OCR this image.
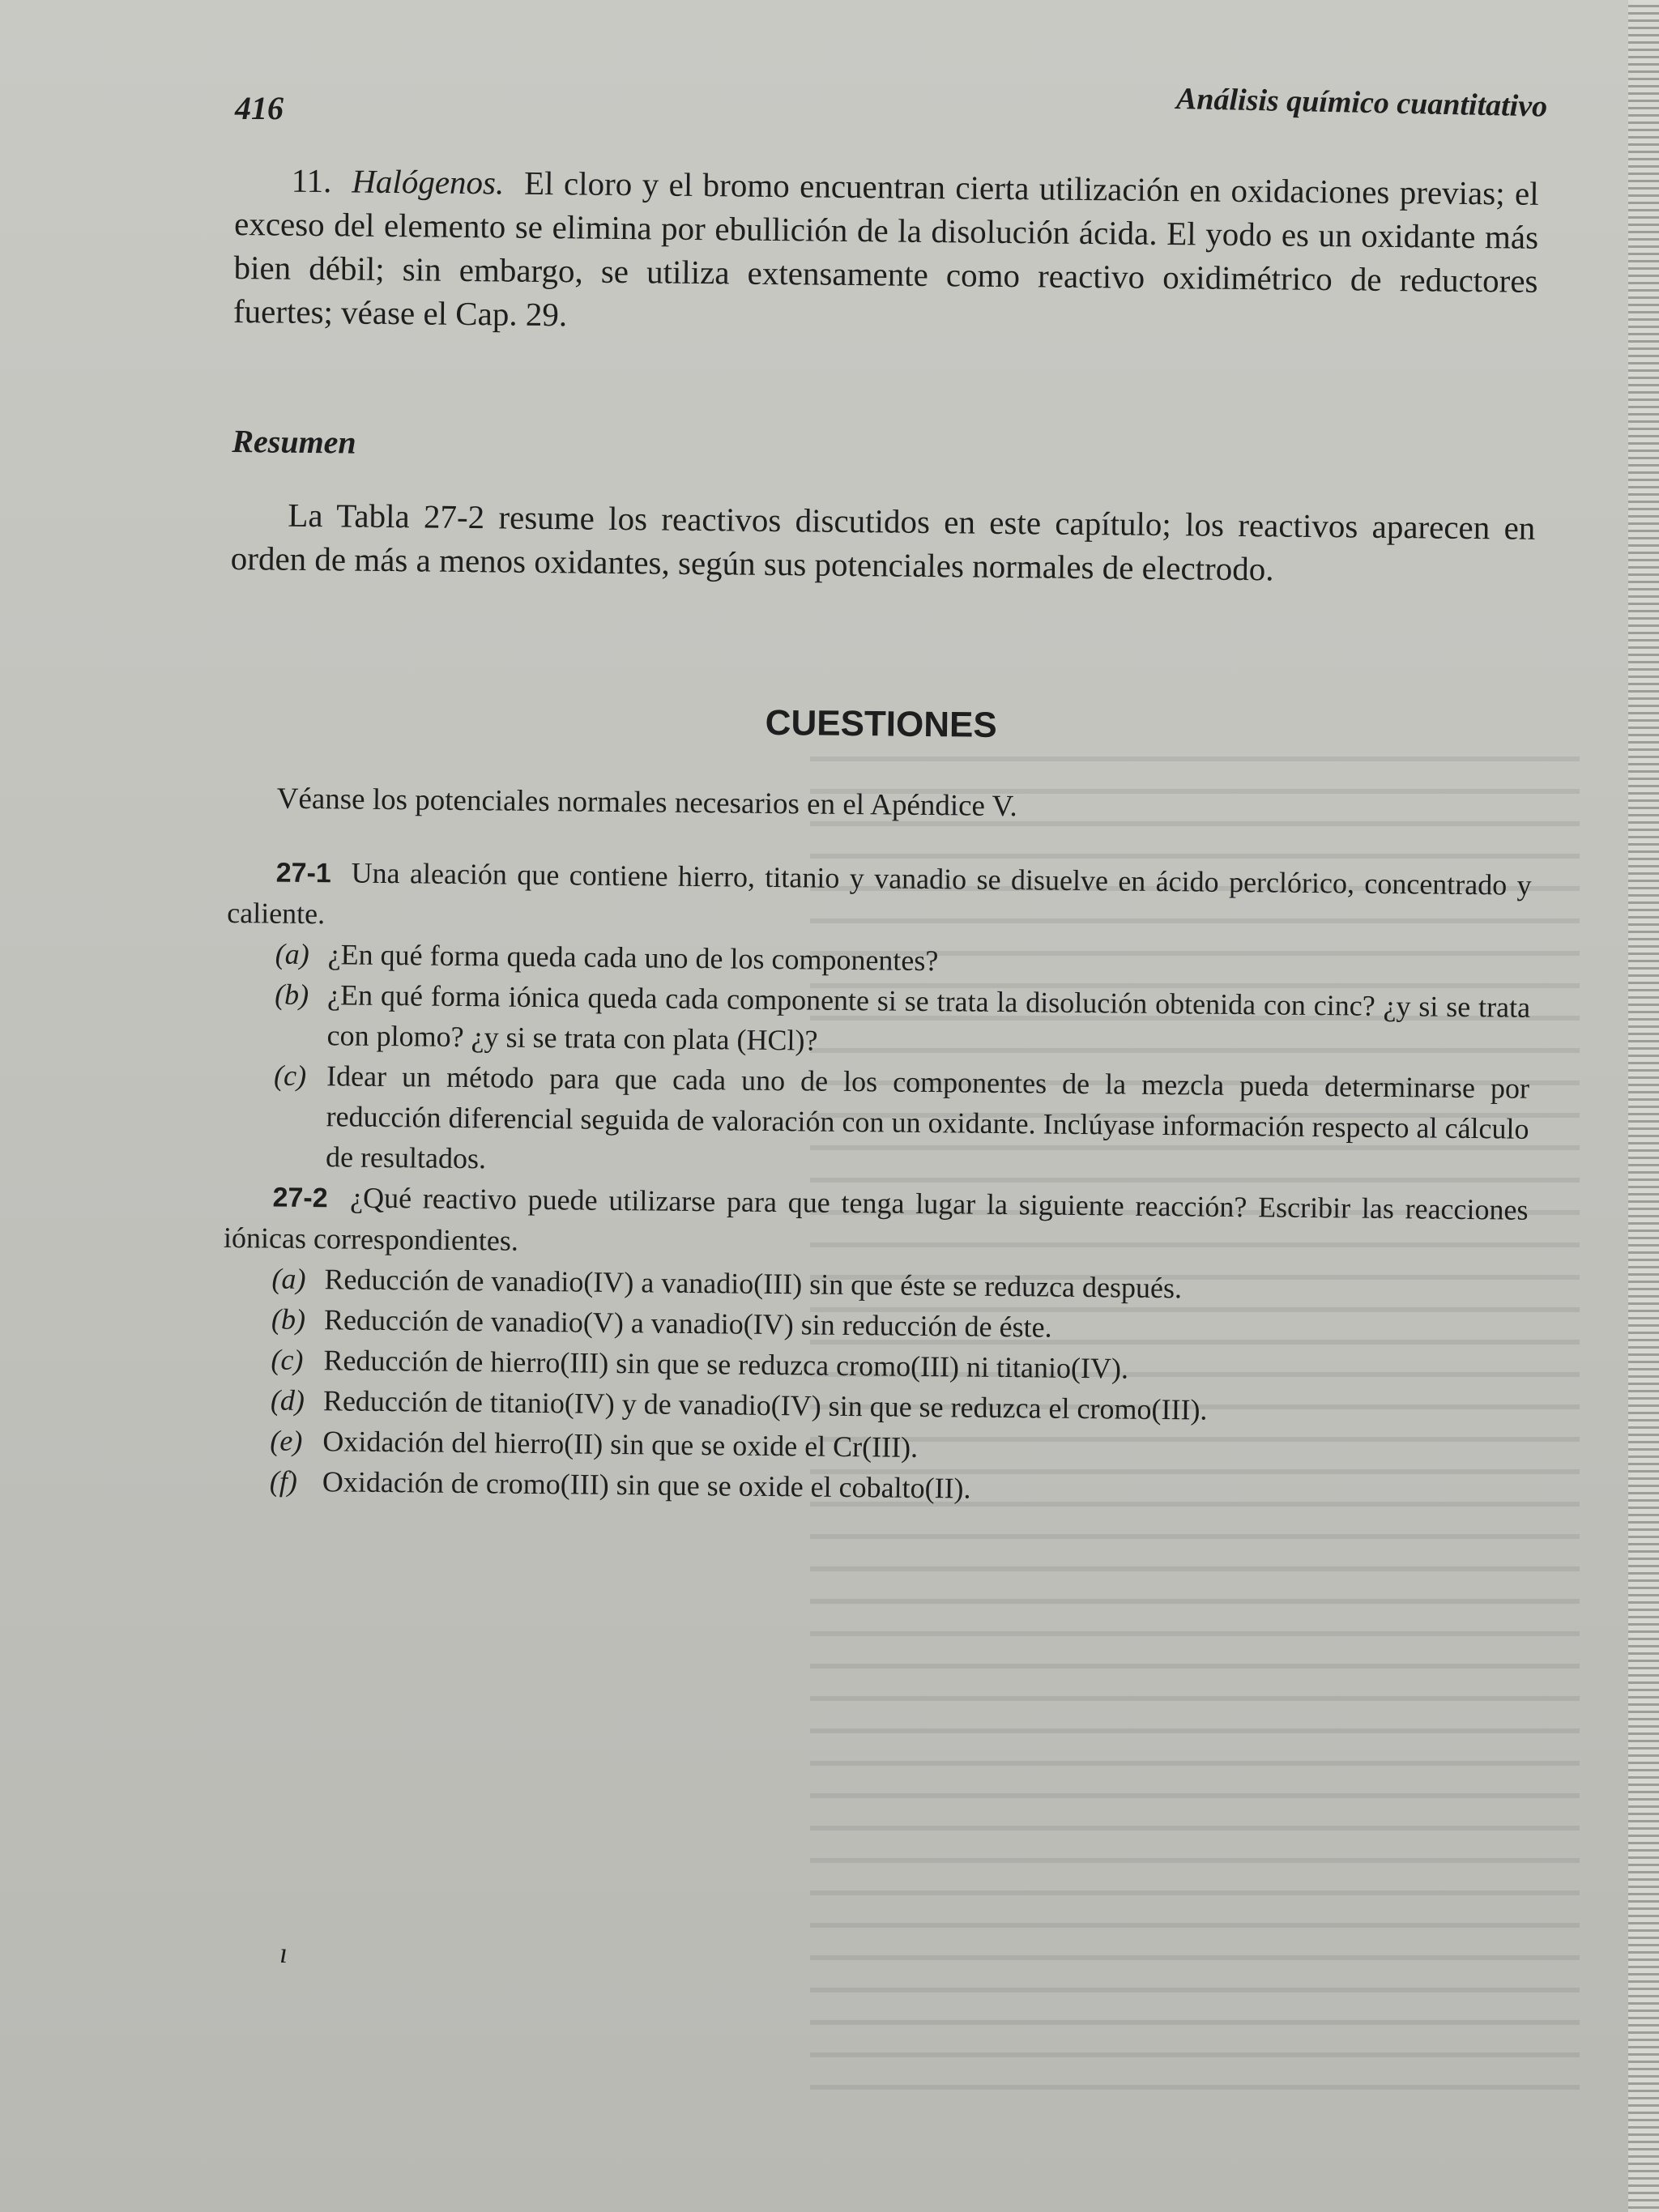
416	Análisis químico cuantitativo

11. Halógenos. El cloro y el bromo encuentran cierta utilización en oxidaciones previas; el exceso del elemento se elimina por ebullición de la disolución ácida. El yodo es un oxidante más bien débil; sin embargo, se utiliza extensamente como reactivo oxidimétrico de reductores fuertes; véase el Cap. 29.

Resumen

La Tabla 27-2 resume los reactivos discutidos en este capítulo; los reactivos aparecen en orden de más a menos oxidantes, según sus potenciales normales de electrodo.

CUESTIONES

Véanse los potenciales normales necesarios en el Apéndice V.

27-1 Una aleación que contiene hierro, titanio y vanadio se disuelve en ácido perclórico, concentrado y caliente.

(a) ¿En qué forma queda cada uno de los componentes?

(b) ¿En qué forma iónica queda cada componente si se trata la disolución obtenida con cinc? ¿y si se trata con plomo? ¿y si se trata con plata (HCl)?

(c) Idear un método para que cada uno de los componentes de la mezcla pueda determinarse por reducción diferencial seguida de valoración con un oxidante. Inclúyase información respecto al cálculo de resultados.

27-2 ¿Qué reactivo puede utilizarse para que tenga lugar la siguiente reacción? Escribir las reacciones iónicas correspondientes.

(a) Reducción de vanadio(IV) a vanadio(III) sin que éste se reduzca después.

(b) Reducción de vanadio(V) a vanadio(IV) sin reducción de éste.

(c) Reducción de hierro(III) sin que se reduzca cromo(III) ni titanio(IV).

(d) Reducción de titanio(IV) y de vanadio(IV) sin que se reduzca el cromo(III).

(e) Oxidación del hierro(II) sin que se oxide el Cr(III).

(f) Oxidación de cromo(III) sin que se oxide el cobalto(II).

ı
